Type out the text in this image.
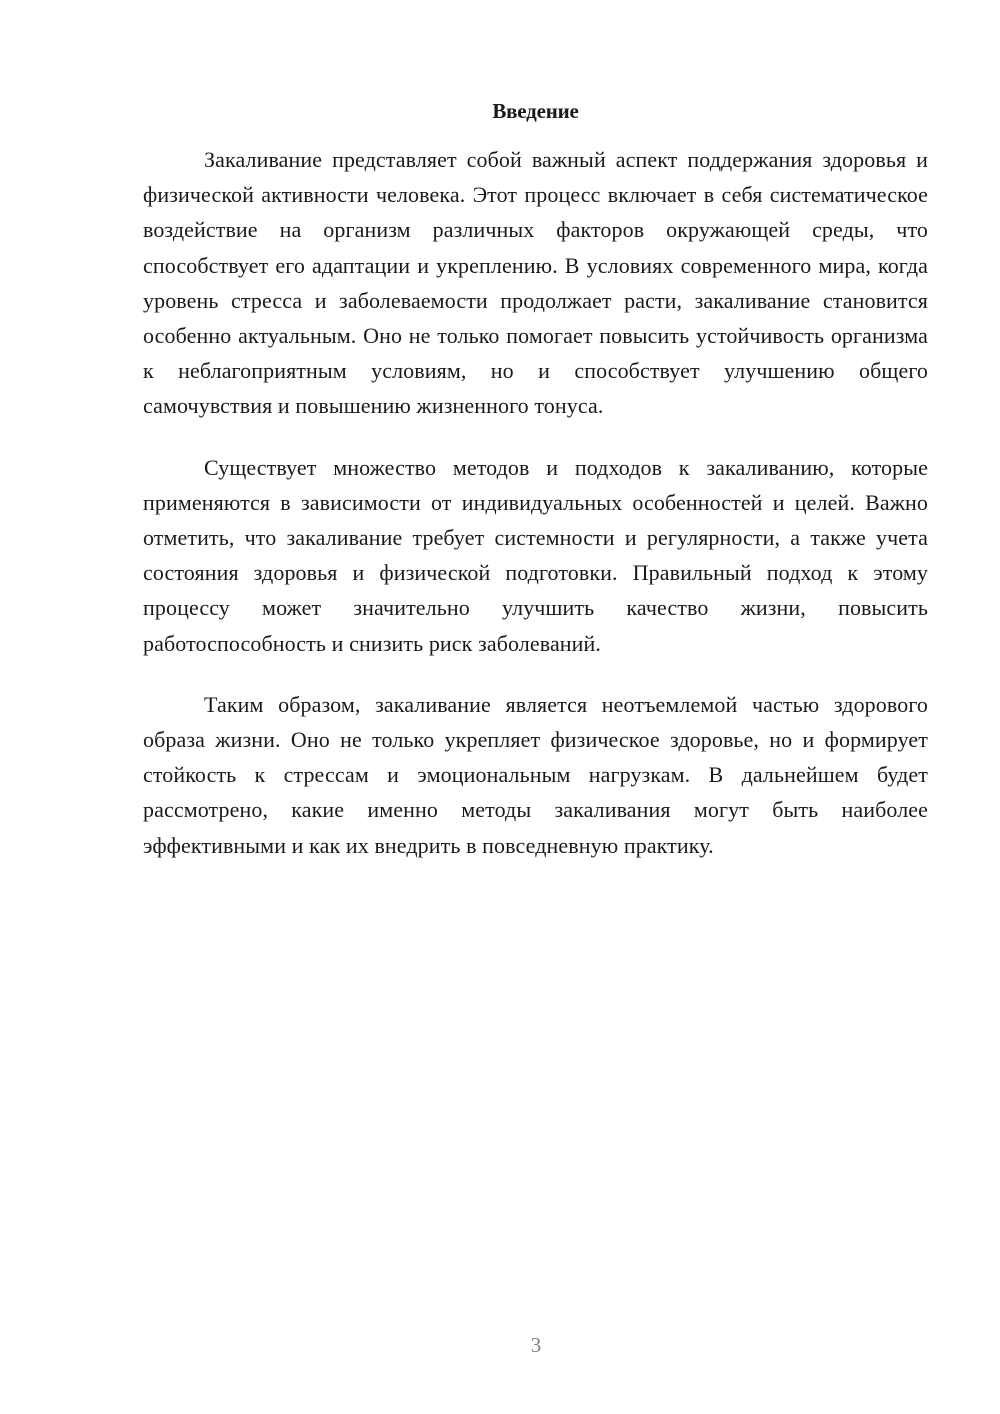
Введение

Закаливание представляет собой важный аспект поддержания здоровья и физической активности человека. Этот процесс включает в себя систематическое воздействие на организм различных факторов окружающей среды, что способствует его адаптации и укреплению. В условиях современного мира, когда уровень стресса и заболеваемости продолжает расти, закаливание становится особенно актуальным. Оно не только помогает повысить устойчивость организма к неблагоприятным условиям, но и способствует улучшению общего самочувствия и повышению жизненного тонуса.

Существует множество методов и подходов к закаливанию, которые применяются в зависимости от индивидуальных особенностей и целей. Важно отметить, что закаливание требует системности и регулярности, а также учета состояния здоровья и физической подготовки. Правильный подход к этому процессу может значительно улучшить качество жизни, повысить работоспособность и снизить риск заболеваний.

Таким образом, закаливание является неотъемлемой частью здорового образа жизни. Оно не только укрепляет физическое здоровье, но и формирует стойкость к стрессам и эмоциональным нагрузкам. В дальнейшем будет рассмотрено, какие именно методы закаливания могут быть наиболее эффективными и как их внедрить в повседневную практику.

3
